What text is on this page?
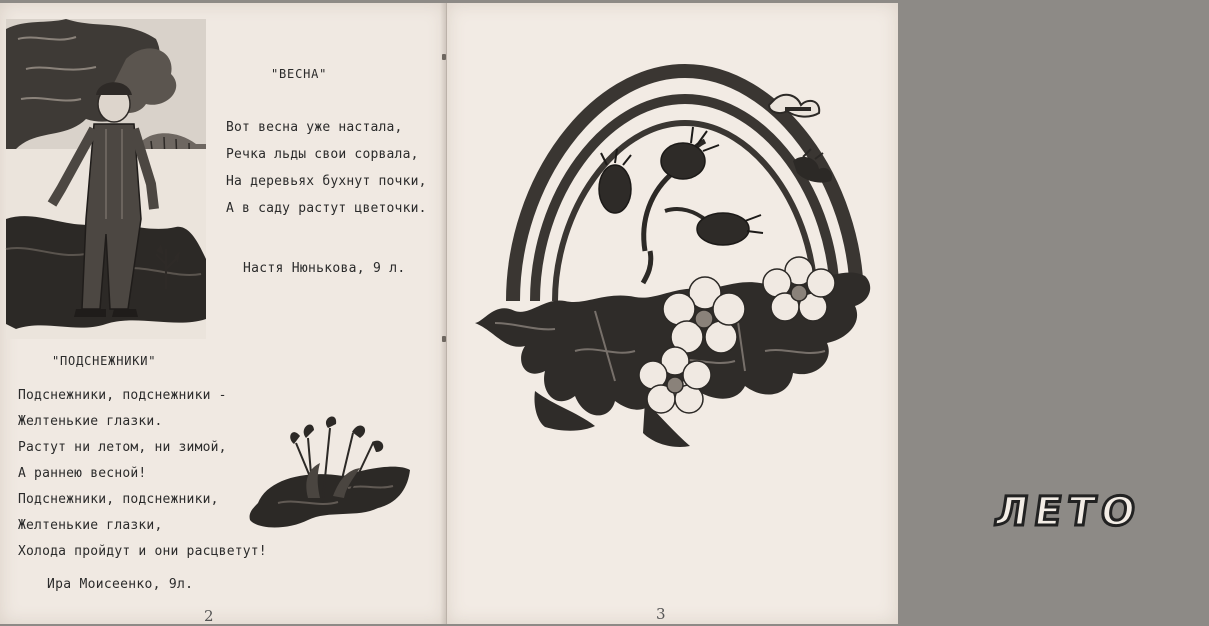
"ВЕСНА"
Вот весна уже настала,
Речка льды свои сорвала,
На деревьях бухнут почки,
А в саду растут цветочки.
Настя Нюнькова, 9 л.
"ПОДСНЕЖНИКИ"
Подснежники, подснежники -
Желтенькие глазки.
Растут ни летом, ни зимой,
А раннею весной!
Подснежники, подснежники,
Желтенькие глазки,
Холода пройдут и они расцветут!
Ира Моисеенко, 9л.
2
ЛЕТО
3
